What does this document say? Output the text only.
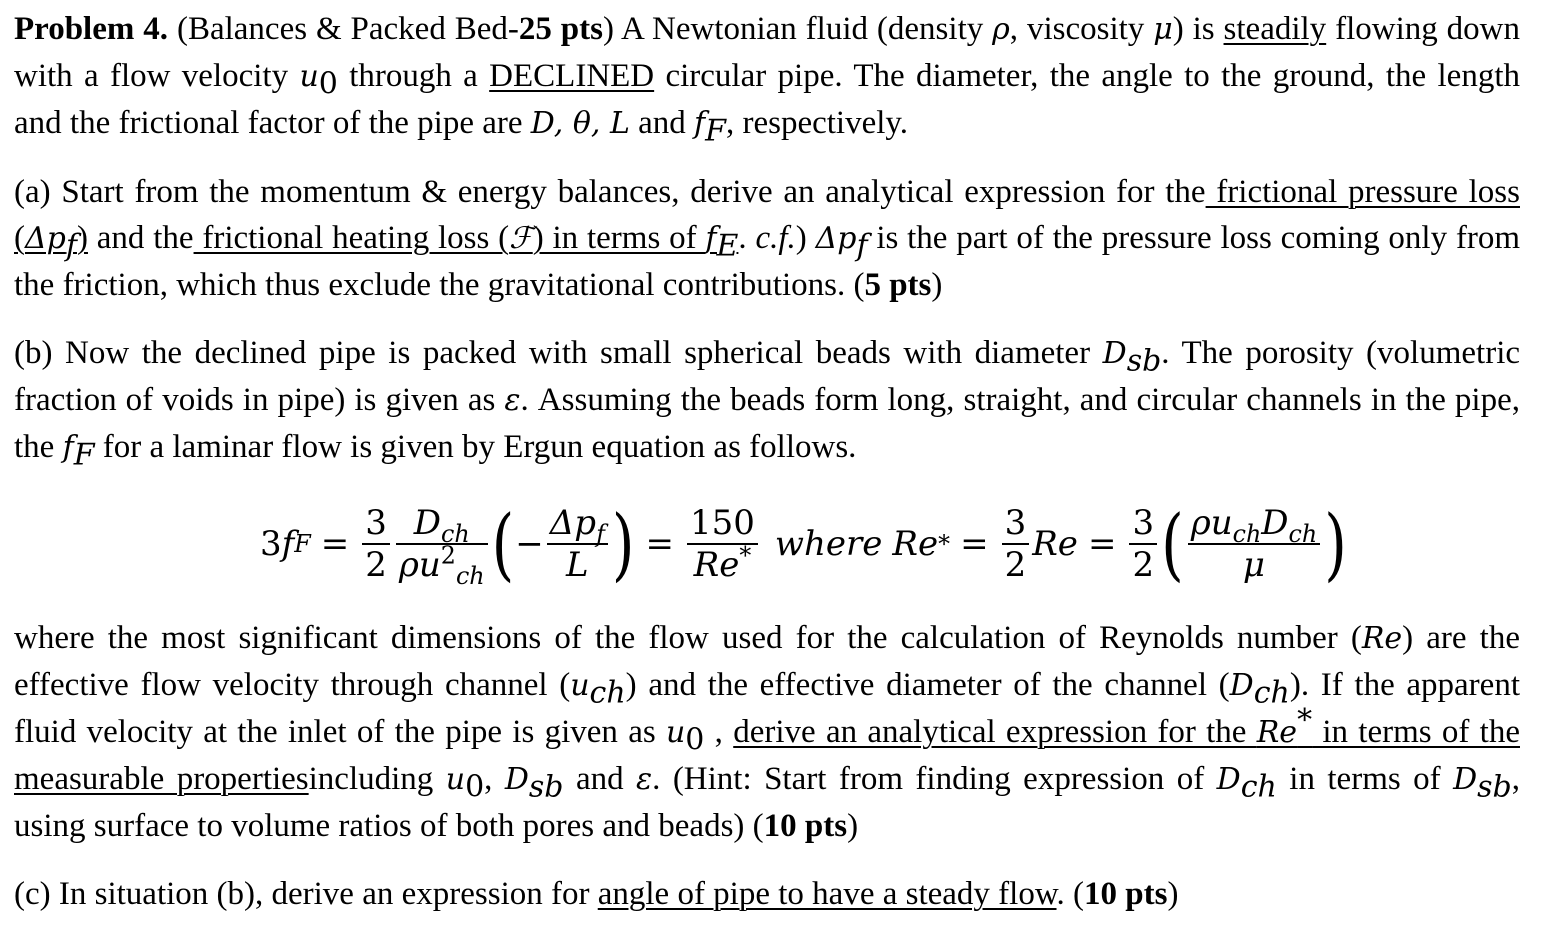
Problem 4. (Balances & Packed Bed-25 pts) A Newtonian fluid (density ρ, viscosity μ) is steadily flowing down with a flow velocity $u_0$ through a DECLINED circular pipe. The diameter, the angle to the ground, the length and the frictional factor of the pipe are D, θ, L and $f_F$, respectively.

(a) Start from the momentum & energy balances, derive an analytical expression for the frictional pressure loss $(\Delta p_f)$ and the frictional heating loss (ℱ) in terms of $f_E$. c.f.) $\Delta p_f$ is the part of the pressure loss coming only from the friction, which thus exclude the gravitational contributions. (5 pts)

(b) Now the declined pipe is packed with small spherical beads with diameter $D_{sb}$. The porosity (volumetric fraction of voids in pipe) is given as ε. Assuming the beads form long, straight, and circular channels in the pipe, the $f_F$ for a laminar flow is given by Ergun equation as follows.

3 f $F = \frac{3}{2} \frac{D_{ch}}{\rho u^2_{ch}}$ ( − $\frac{\Delta p_f}{L}$ ) = $\frac{150}{Re^*}$ where Re * = $\frac{3}{2}$ $Re = \frac{3}{2}$ ( $\frac{\rho u_{ch}D_{ch}}{\mu}$ )

where the most significant dimensions of the flow used for the calculation of Reynolds number (Re) are the effective flow velocity through channel $(u_{ch})$ and the effective diameter of the channel $(D_{ch})$. If the apparent fluid velocity at the inlet of the pipe is given as $u_0$ , derive an analytical expression for the Re* in terms of the measurable propertiesincluding $u_0$, $D_{sb}$ and ε. (Hint: Start from finding expression of $D_{ch}$ in terms of $D_{sb}$, using surface to volume ratios of both pores and beads) (10 pts)

(c) In situation (b), derive an expression for angle of pipe to have a steady flow. (10 pts)
